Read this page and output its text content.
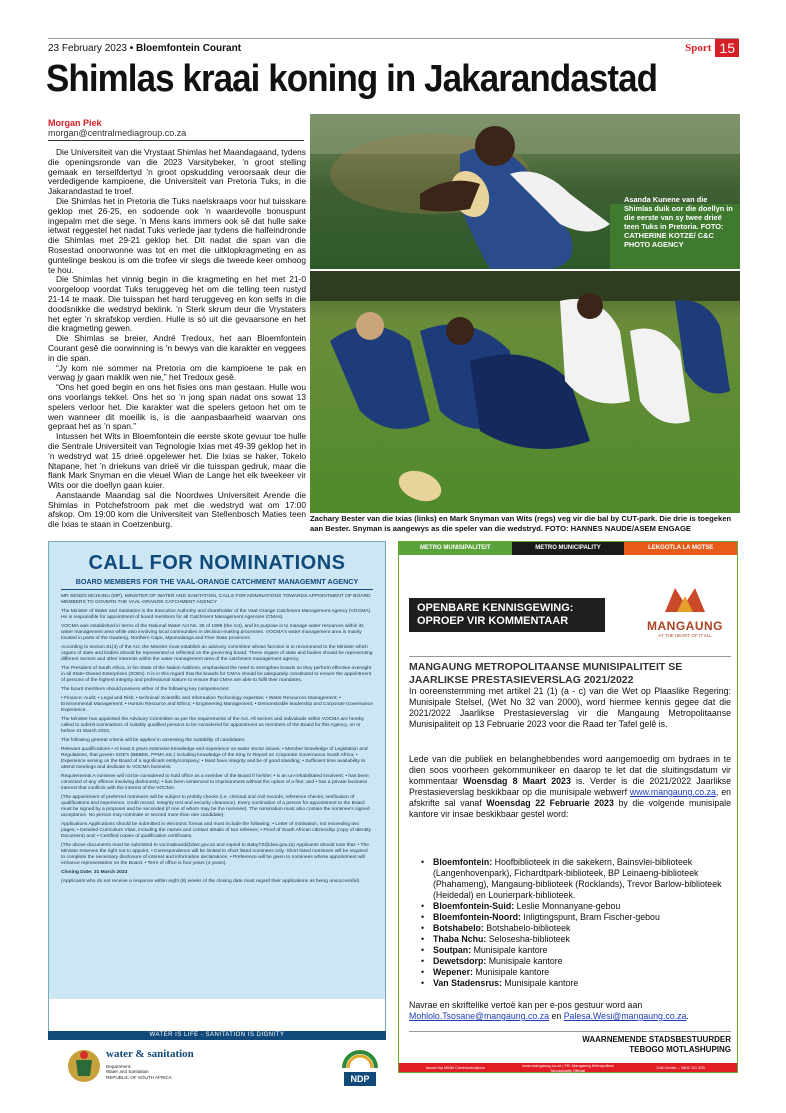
23 February 2023 • Bloemfontein Courant	Sport 15
Shimlas kraai koning in Jakarandastad
Morgan Piek
morgan@centralmediagroup.co.za

Die Universiteit van die Vrystaat Shimlas het Maandagaand, tydens die openingsronde van die 2023 Varsitybeker, ’n groot stelling gemaak en terselfdertyd ’n groot opskudding veroorsaak deur die verdedigende kampioene, die Universiteit van Pretoria Tuks, in die Jakarandastad te troef.

Die Shimlas het in Pretoria die Tuks naelskraaps voor hul tuisskare geklop met 26-25, en sodoende ook ’n waardevolle bonuspunt ingepalm met die sege. ’n Mens kans immers ook sê dat hulle sake ietwat reggestel het nadat Tuks verlede jaar tydens die halfeindronde die Shimlas met 29-21 geklop het. Dit nadat die span van die Rosestad onoorwonne was tot en met die uitklopkragmeting en as guntelinge beskou is om die trofee vir slegs die tweede keer omhoog te hou.

Die Shimlas het vinnig begin in die kragmeting en het met 21-0 voorgeloop voordat Tuks teruggeveg het om die telling teen rustyd 21-14 te maak. Die tuisspan het hard teruggeveg en kon selfs in die doodsnikke die wedstryd beklink. ’n Sterk skrum deur die Vrystaters het egter ’n skrafskop verdien. Hulle is só uit die gevaarsone en het die kragmeting gewen.

Die Shimlas se breier, André Tredoux, het aan Bloemfontein Courant gesê die oorwinning is ’n bewys van die karakter en veggees in die span.

“Jy kom nie sommer na Pretoria om die kampioene te pak en verwag jy gaan maklik wen nie,” het Tredoux gesê.

“Ons het goed begin en ons het fisies ons man gestaan. Hulle wou ons voorlangs tekkel. Ons het so ’n jong span nadat ons sowat 13 spelers verloor het. Die karakter wat die spelers getoon het om te wen wanneer dit moeilik is, is die aanpasbaarheid waarvan ons gepraat het as ’n span.”

Intussen het Wits in Bloemfontein die eerste skote gevuur toe hulle die Sentrale Universiteit van Tegnologie Ixias met 49-39 geklop het in ’n wedstryd wat 15 drieë opgelewer het. Die Ixias se haker, Tokelo Ntapane, het ’n driekuns van drieë vir die tuisspan gedruk, maar die flank Mark Snyman en die vleuel Wian de Lange het elk tweekeer vir Wits oor die doellyn gaan kuier.

Aanstaande Maandag sal die Noordwes Universiteit Arende die Shimlas in Potchefstroom pak met die wedstryd wat om 17:00 afskop. Om 19:00 kom die Universiteit van Stellenbosch Maties teen die Ixias te staan in Coetzenburg.

Asanda Kunene van die Shimlas duik oor die doellyn in die eerste van sy twee drieë teen Tuks in Pretoria. FOTO: CATHERINE KOTZE/ C&C PHOTO AGENCY
Zachary Bester van die Ixias (links) en Mark Snyman van Wits (regs) veg vir die bal by CUT-park. Die drie is toegeken aan Bester. Snyman is aangewys as die speler van die wedstryd. FOTO: HANNES NAUDE/ASEM ENGAGE
CALL FOR NOMINATIONS
BOARD MEMBERS FOR THE VAAL-ORANGE CATCHMENT MANAGEMNT AGENCY

MR SENZO MCHUNU (MP), MINISTER OF WATER AND SANITATION, CALLS FOR NOMINATIONS TOWARDS APPOINTMENT OF BOARD MEMBERS TO GOVERN THE VAAL-ORANGE CATCHMENT AGENCY

The Minister of Water and Sanitation is the Executive Authority and shareholder of the Vaal-Orange Catchment Management Agency (VOCMA). He is responsible for appointment of board members for all Catchment Management Agencies (CMAs).

VOCMA was established in terms of the National Water Act No. 36 of 1998 (the Act), and its purpose is to manage water resources within its water management area while also involving local communities in decision-making processes. VOCMA's water management area is mainly located in parts of the Gauteng, Northern Cape, Mpumalanga and Free State provinces.

According to section 81(3) of the Act, the Minister must establish an advisory committee whose function is to recommend to the Minister which organs of state and bodies should be represented or reflected on the governing board. These organs of state and bodies should be representing different sectors and other interests within the water management area of the catchment management agency.

The President of South Africa, in his State of the Nation Address, emphasised the need to strengthen boards so they perform effective oversight in all State-Owned Enterprises (SOEs). It is in this regard that the boards for CMAs should be adequately constituted to ensure the appointment of persons of the highest integrity and professional stature to ensure that CMAs are able to fulfil their mandates.

The board members should possess either of the following key competencies:

• Finance; Audit; • Legal and Risk; • technical/ Scientific and Information Technology expertise; • Water Resources Management; • Environmental Management; • Human Resource and Ethics; • Engineering Management; • Demonstrable leadership and Corporate Governance Experience.

The Minister has appointed the Advisory Committee as per the requirements of the Act. All sectors and individuals within VOCMA are hereby called to submit nominations of suitably qualified persons to be considered for appointment as members of the Board for this Agency, on or before 31 March 2023.

The following general criteria will be applied in assessing the suitability of candidates:

Relevant qualifications • At least 5 years extensive knowledge and experience on water sector issues; • Member knowledge of Legislation and Regulations, that govern SOE's (BBBEE, PFMA etc.) including knowledge of the King IV Report on Corporate Governance South Africa; • Experience serving on the Board of a significant entity/company; • Must have integrity and be of good standing; • Sufficient time availability to attend meetings and dedicate to VOCMA business.

Requirements A nominee will not be considered to hold office as a member of the Board if he/she: • is an un-rehabilitated insolvent; • has been convicted of any offence involving dishonesty; • has been sentenced to imprisonment without the option of a fine; and • has a private business interest that conflicts with the interest of the VOCMA.

(The appointment of preferred nominees will be subject to probity checks (i.e. criminal and civil records; reference checks; verification of qualifications and experience; credit record, integrity test and security clearance). Every nomination of a person for appointment to the Board must be signed by a proposer and be seconded (if one of whom may be the nominee). The nomination must also contain the nominee's signed acceptance. No person may nominate or second more than one candidate).

Applications Applications should be submitted in electronic format and must include the following: • Letter of motivation, not exceeding two pages; • Detailed Curriculum Vitae, including the names and contact details of two referees; • Proof of South African citizenship (copy of Identity Document) and; • Certified copies of qualification certificates.

(The above documents must be submitted to vocmaboard@dws.gov.za and copied to BabyTZ@dws.gov.za) Applicants should note that: • The Minister reserves the right not to appoint. • Correspondence will be limited to short listed nominees only. Short listed nominees will be required to complete the necessary disclosure of interest and information declarations. • Preference will be given to nominees whose appointment will enhance representation on the Board. • Term of office is four years (4 years).

Closing Date: 31 March 2023

(Applicants who do not receive a response within eight (8) weeks of the closing date must regard their applications as being unsuccessful)

WATER IS LIFE - SANITATION IS DIGNITY
water & sanitation
Department:
Water and Sanitation
REPUBLIC OF SOUTH AFRICA	NDP
METRO MUNISIPALITEIT	METRO MUNICIPALITY	LEKGOTLA LA MOTSE
OPENBARE KENNISGEWING:
OPROEP VIR KOMMENTAAR	MANGAUNG
AT THE HEART OF IT ALL
MANGAUNG METROPOLITAANSE MUNISIPALITEIT SE JAARLIKSE PRESTASIEVERSLAG 2021/2022
In ooreenstemming met artikel 21 (1) (a - c) van die Wet op Plaaslike Regering: Munisipale Stelsel, (Wet No 32 van 2000), word hiermee kennis gegee dat die 2021/2022 Jaarlikse Prestasieverslag vir die Mangaung Metropolitaanse Munisipaliteit op 13 Februarie 2023 voor die Raad ter Tafel gelê is.
Lede van die publiek en belanghebbendes word aangemoedig om bydraes in te dien soos voorheen gekommunikeer en daarop te let dat die sluitingsdatum vir kommentaar Woensdag 8 Maart 2023 is. Verder is die 2021/2022 Jaarlikse Prestasieverslag beskikbaar op die munisipale webwerf www.mangaung.co.za, en afskrifte sal vanaf Woensdag 22 Februarie 2023 by die volgende munisipale kantore vir insae beskikbaar gestel word:
• Bloemfontein: Hoofbiblioteek in die sakekern, Bainsvlei-biblioteek (Langenhovenpark), Fichardtpark-biblioteek, BP Leinaeng-biblioteek (Phahameng), Mangaung-biblioteek (Rocklands), Trevor Barlow-biblioteek (Heidedal) en Lourierpark-biblioteek.
• Bloemfontein-Suid: Leslie Monnanyane-gebou
• Bloemfontein-Noord: Inligtingspunt, Bram Fischer-gebou
• Botshabelo: Botshabelo-biblioteek
• Thaba Nchu: Selosesha-biblioteek
• Soutpan: Munisipale kantore
• Dewetsdorp: Munisipale kantore
• Wepener: Munisipale kantore
• Van Stadensrus: Munisipale kantore
Navrae en skriftelike vertoë kan per e-pos gestuur word aan Mohlolo.Tsosane@mangaung.co.za en Palesa.Wesi@mangaung.co.za.
WAARNEMENDE STADSBESTUURDER
TEBOGO MOTLASHUPING
Issued by MMM Communications	www.mangaung.co.za | FB: Mangaung Metropolitan Municipality Official	Call Centre – 0800 111 300
